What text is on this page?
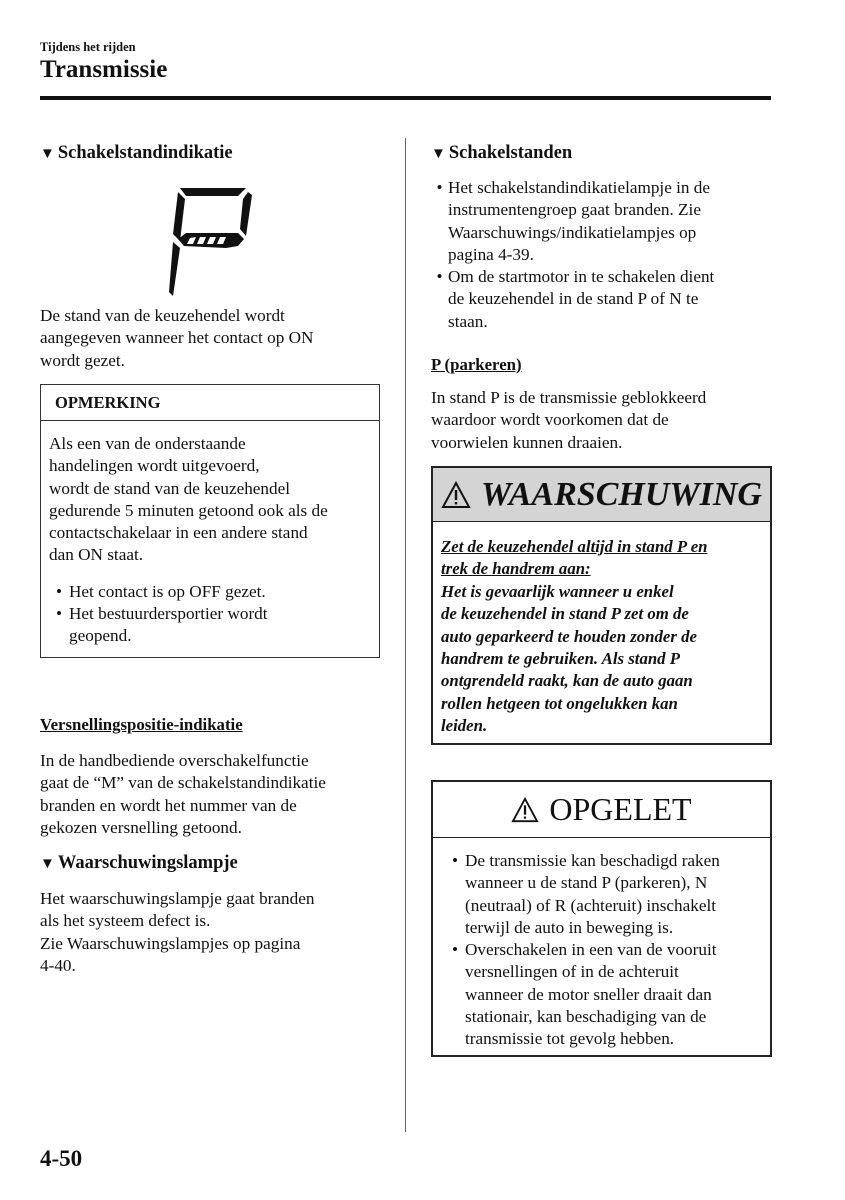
Tijdens het rijden
Transmissie
▼ Schakelstandindikatie
De stand van de keuzehendel wordt
aangegeven wanneer het contact op ON
wordt gezet.
OPMERKING
Als een van de onderstaande
handelingen wordt uitgevoerd,
wordt de stand van de keuzehendel
gedurende 5 minuten getoond ook als de
contactschakelaar in een andere stand
dan ON staat.
• Het contact is op OFF gezet.
• Het bestuurdersportier wordt
geopend.
Versnellingspositie-indikatie
In de handbediende overschakelfunctie
gaat de “M” van de schakelstandindikatie
branden en wordt het nummer van de
gekozen versnelling getoond.
▼ Waarschuwingslampje
Het waarschuwingslampje gaat branden
als het systeem defect is.
Zie Waarschuwingslampjes op pagina
4-40.
▼ Schakelstanden
• Het schakelstandindikatielampje in de
instrumentengroep gaat branden. Zie
Waarschuwings/indikatielampjes op
pagina 4-39.
• Om de startmotor in te schakelen dient
de keuzehendel in de stand P of N te
staan.
P (parkeren)
In stand P is de transmissie geblokkeerd
waardoor wordt voorkomen dat de
voorwielen kunnen draaien.
WAARSCHUWING
Zet de keuzehendel altijd in stand P en
trek de handrem aan:
Het is gevaarlijk wanneer u enkel
de keuzehendel in stand P zet om de
auto geparkeerd te houden zonder de
handrem te gebruiken. Als stand P
ontgrendeld raakt, kan de auto gaan
rollen hetgeen tot ongelukken kan
leiden.
OPGELET
• De transmissie kan beschadigd raken
wanneer u de stand P (parkeren), N
(neutraal) of R (achteruit) inschakelt
terwijl de auto in beweging is.
• Overschakelen in een van de vooruit
versnellingen of in de achteruit
wanneer de motor sneller draait dan
stationair, kan beschadiging van de
transmissie tot gevolg hebben.
4-50
